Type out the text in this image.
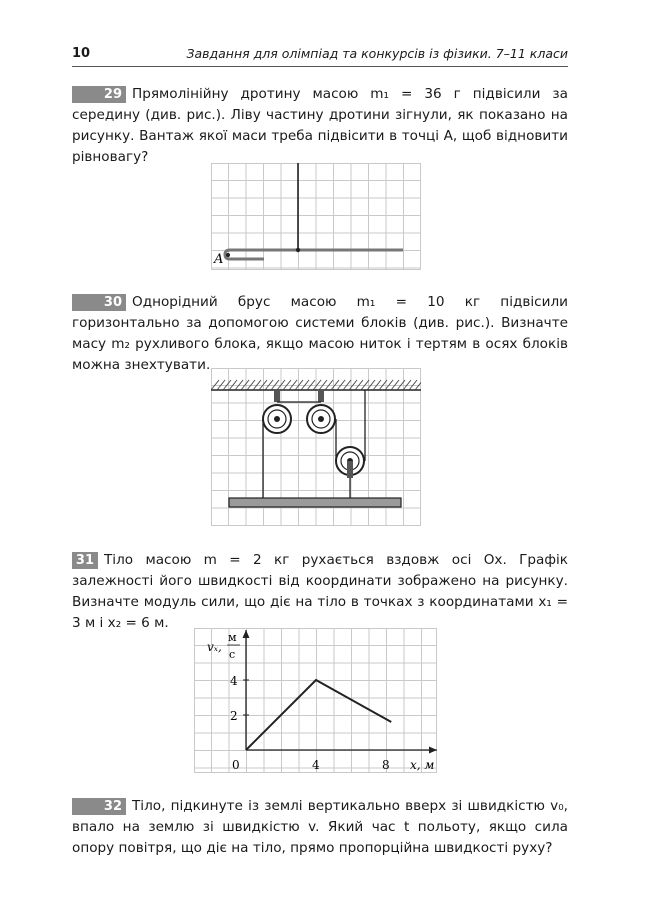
10	Завдання для олімпіад та конкурсів із фізики. 7–11 класи
29 Прямолінійну дротину масою m₁ = 36 г підвісили за середину (див. рис.). Ліву частину дротини зігнули, як показано на рисунку. Вантаж якої маси треба підвісити в точці A, щоб відновити рівновагу?
A
30 Однорідний брус масою m₁ = 10 кг підвісили горизонтально за допомогою системи блоків (див. рис.). Визначте масу m₂ рухливого блока, якщо масою ниток і тертям в осях блоків можна знехтувати.
31 Тіло масою m = 2 кг рухається вздовж осі Ox. Графік залежності його швидкості від координати зображено на рисунку. Визначте модуль сили, що діє на тіло в точках з координатами x₁ = 3 м і x₂ = 6 м.
4	8
2
4
vₓ,
м
с
0	x, м
32 Тіло, підкинуте із землі вертикально вверх зі швидкістю v₀, впало на землю зі швидкістю v. Який час t польоту, якщо сила опору повітря, що діє на тіло, прямо пропорційна швидкості руху?
